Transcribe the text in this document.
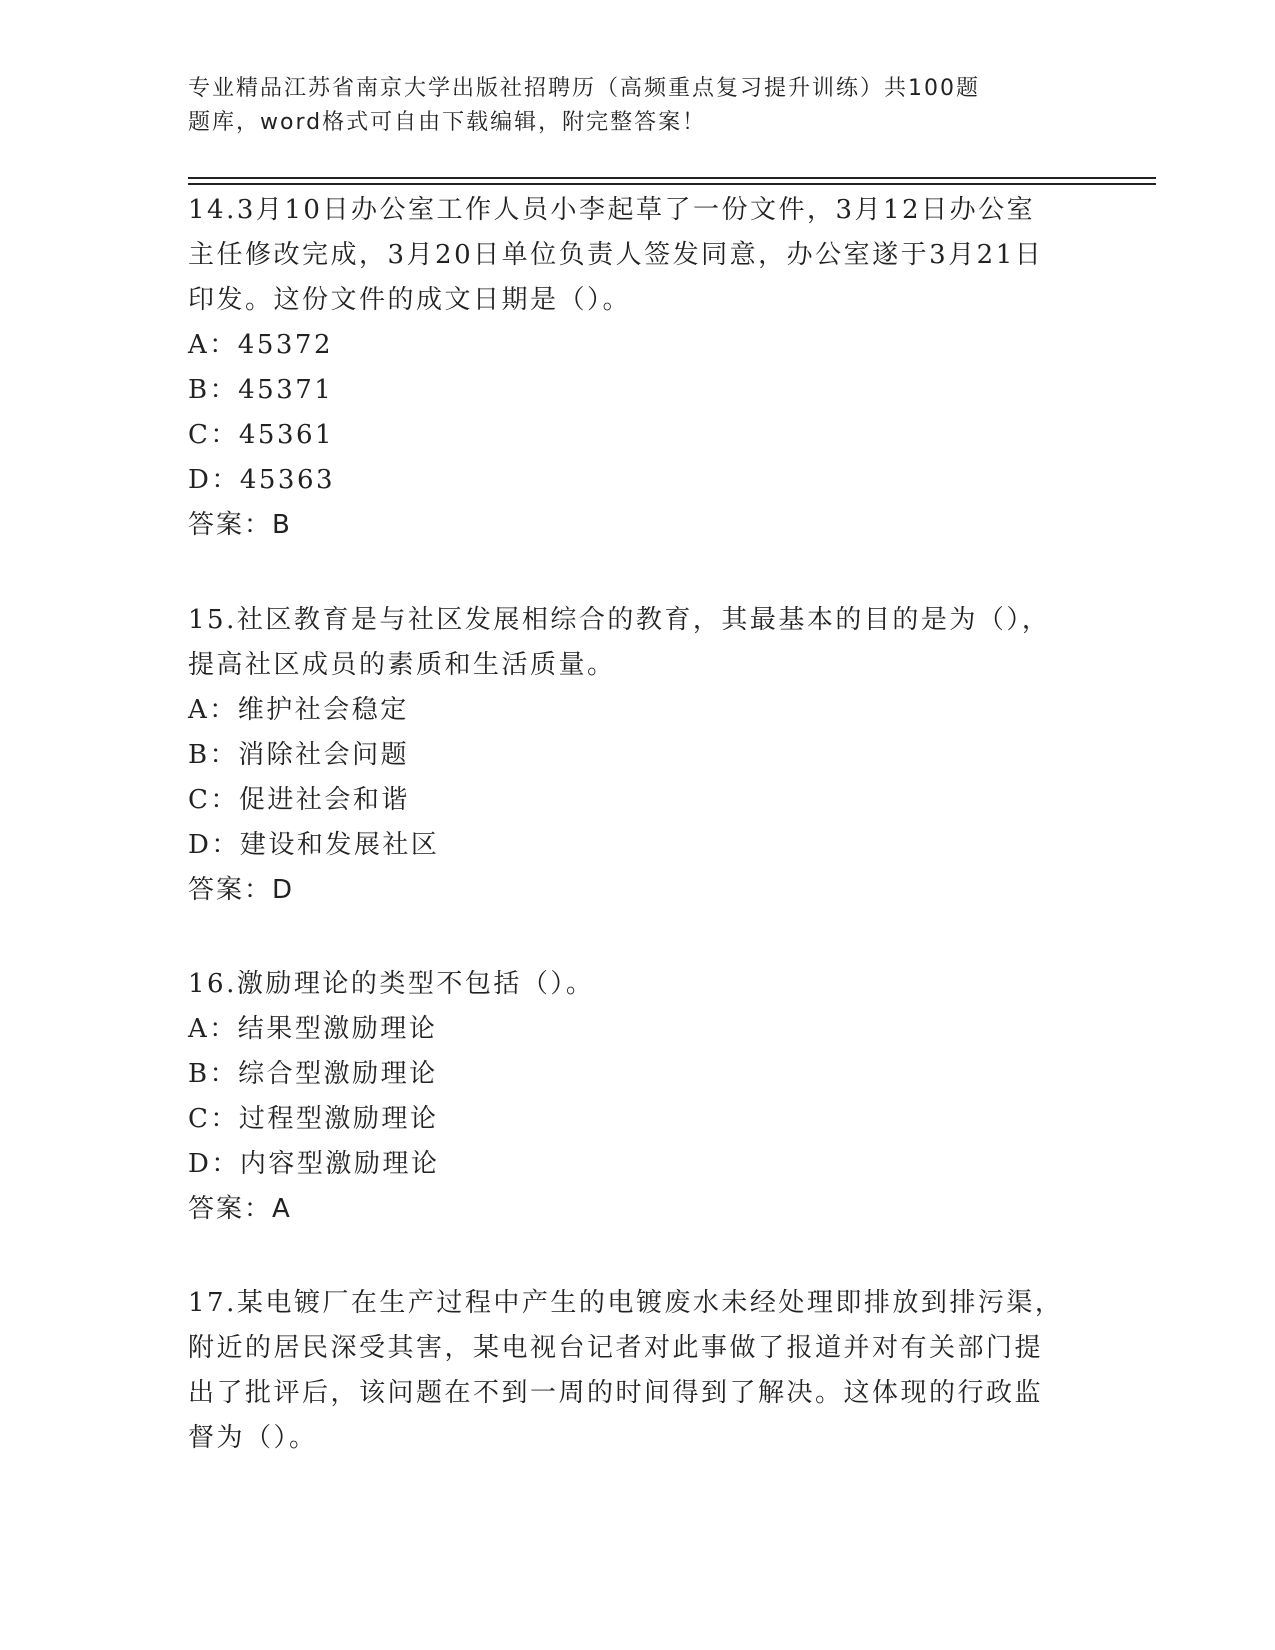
专业精品江苏省南京大学出版社招聘历（高频重点复习提升训练）共100题
题库，word格式可自由下载编辑，附完整答案！

14.3月10日办公室工作人员小李起草了一份文件，3月12日办公室

主任修改完成，3月20日单位负责人签发同意，办公室遂于3月21日

印发。这份文件的成文日期是（）。

A：45372

B：45371

C：45361

D：45363

答案：B

15.社区教育是与社区发展相综合的教育，其最基本的目的是为（），

提高社区成员的素质和生活质量。

A：维护社会稳定

B：消除社会问题

C：促进社会和谐

D：建设和发展社区

答案：D

16.激励理论的类型不包括（）。

A：结果型激励理论

B：综合型激励理论

C：过程型激励理论

D：内容型激励理论

答案：A

17.某电镀厂在生产过程中产生的电镀废水未经处理即排放到排污渠，

附近的居民深受其害，某电视台记者对此事做了报道并对有关部门提

出了批评后，该问题在不到一周的时间得到了解决。这体现的行政监

督为（）。
